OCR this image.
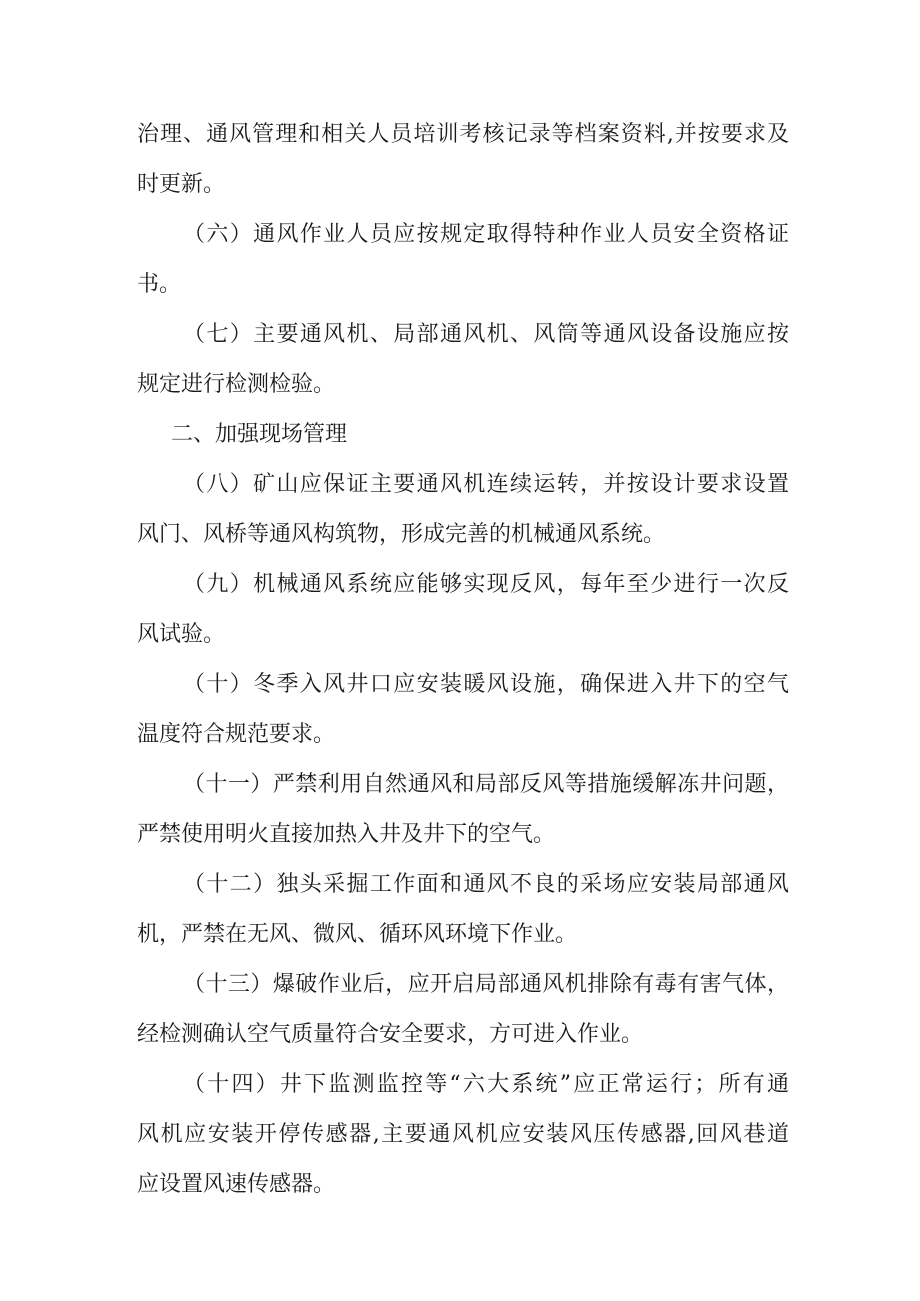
治理、通风管理和相关人员培训考核记录等档案资料,并按要求及
时更新。
（六）通风作业人员应按规定取得特种作业人员安全资格证
书。
（七）主要通风机、局部通风机、风筒等通风设备设施应按
规定进行检测检验。
二、加强现场管理
（八）矿山应保证主要通风机连续运转，并按设计要求设置
风门、风桥等通风构筑物，形成完善的机械通风系统。
（九）机械通风系统应能够实现反风，每年至少进行一次反
风试验。
（十）冬季入风井口应安装暖风设施，确保进入井下的空气
温度符合规范要求。
（十一）严禁利用自然通风和局部反风等措施缓解冻井问题，
严禁使用明火直接加热入井及井下的空气。
（十二）独头采掘工作面和通风不良的采场应安装局部通风
机，严禁在无风、微风、循环风环境下作业。
（十三）爆破作业后，应开启局部通风机排除有毒有害气体，
经检测确认空气质量符合安全要求，方可进入作业。
（十四）井下监测监控等“六大系统”应正常运行；所有通
风机应安装开停传感器,主要通风机应安装风压传感器,回风巷道
应设置风速传感器。
